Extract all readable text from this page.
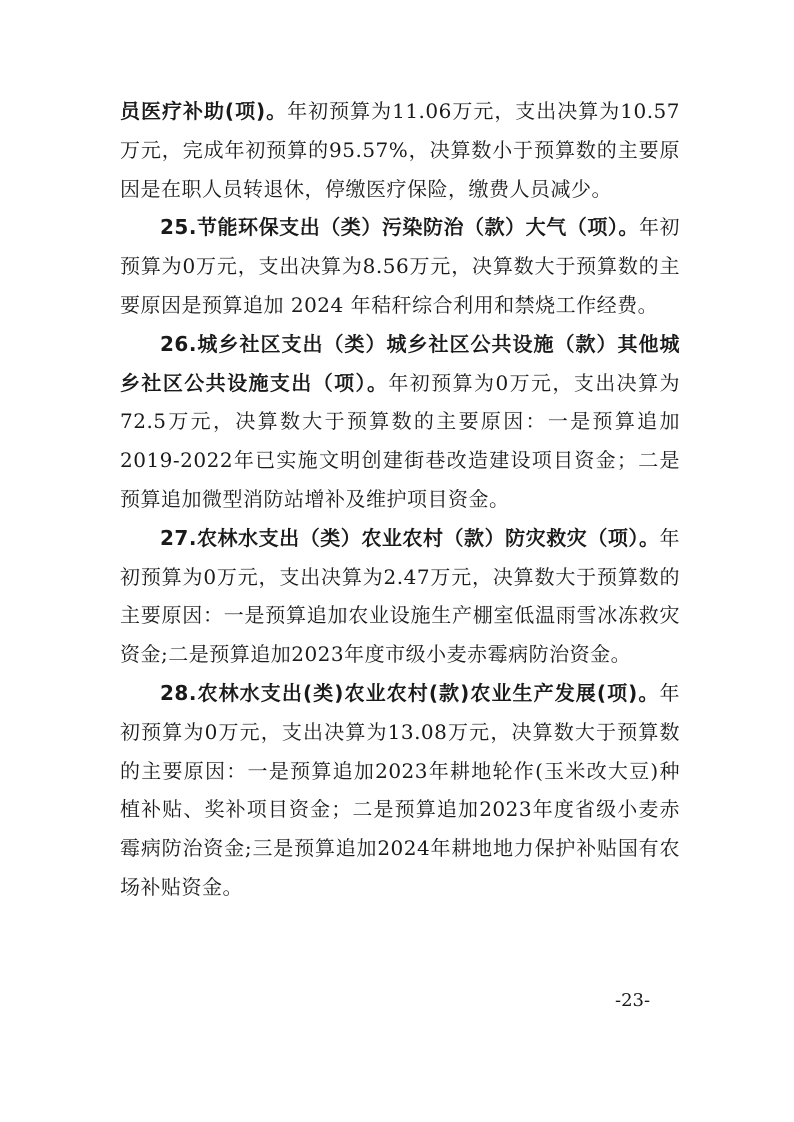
员医疗补助(项)。年初预算为11.06万元，支出决算为10.57万元，完成年初预算的95.57%，决算数小于预算数的主要原因是在职人员转退休，停缴医疗保险，缴费人员减少。

25.节能环保支出（类）污染防治（款）大气（项）。年初预算为0万元，支出决算为8.56万元，决算数大于预算数的主要原因是预算追加 2024 年秸秆综合利用和禁烧工作经费。

26.城乡社区支出（类）城乡社区公共设施（款）其他城乡社区公共设施支出（项）。年初预算为0万元，支出决算为72.5万元，决算数大于预算数的主要原因：一是预算追加2019-2022年已实施文明创建街巷改造建设项目资金；二是预算追加微型消防站增补及维护项目资金。

27.农林水支出（类）农业农村（款）防灾救灾（项）。年初预算为0万元，支出决算为2.47万元，决算数大于预算数的主要原因：一是预算追加农业设施生产棚室低温雨雪冰冻救灾资金;二是预算追加2023年度市级小麦赤霉病防治资金。

28.农林水支出(类)农业农村(款)农业生产发展(项)。年初预算为0万元，支出决算为13.08万元，决算数大于预算数的主要原因：一是预算追加2023年耕地轮作(玉米改大豆)种植补贴、奖补项目资金；二是预算追加2023年度省级小麦赤霉病防治资金;三是预算追加2024年耕地地力保护补贴国有农场补贴资金。

-23-
